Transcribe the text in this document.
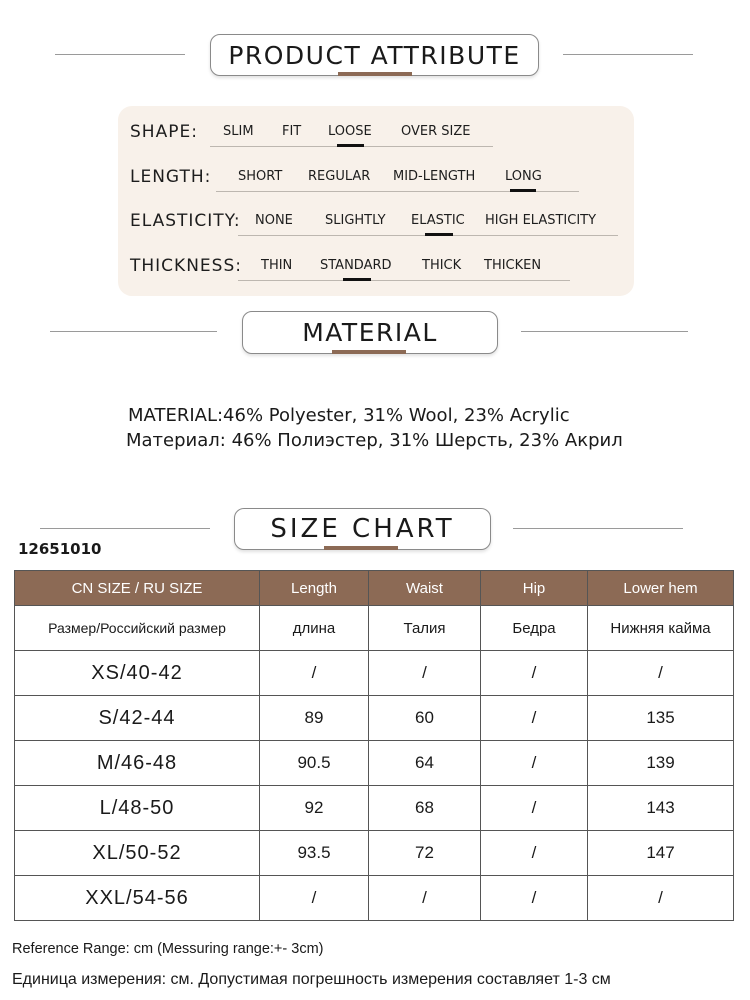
PRODUCT ATTRIBUTE
SHAPE: SLIM FIT LOOSE OVER SIZE
LENGTH: SHORT REGULAR MID-LENGTH LONG
ELASTICITY: NONE SLIGHTLY ELASTIC HIGH ELASTICITY
THICKNESS: THIN STANDARD THICK THICKEN
MATERIAL
MATERIAL:46% Polyester, 31% Wool, 23% Acrylic
Материал: 46% Полиэстер, 31% Шерсть, 23% Акрил
SIZE CHART
12651010
CN SIZE / RU SIZE	Length	Waist	Hip	Lower hem
Размер/Российский размер	длина	Талия	Бедра	Нижняя кайма
XS/40-42	/	/	/	/
S/42-44	89	60	/	135
M/46-48	90.5	64	/	139
L/48-50	92	68	/	143
XL/50-52	93.5	72	/	147
XXL/54-56	/	/	/	/
Reference Range: cm (Messuring range:+- 3cm)
Единица измерения: см. Допустимая погрешность измерения составляет 1-3 см
